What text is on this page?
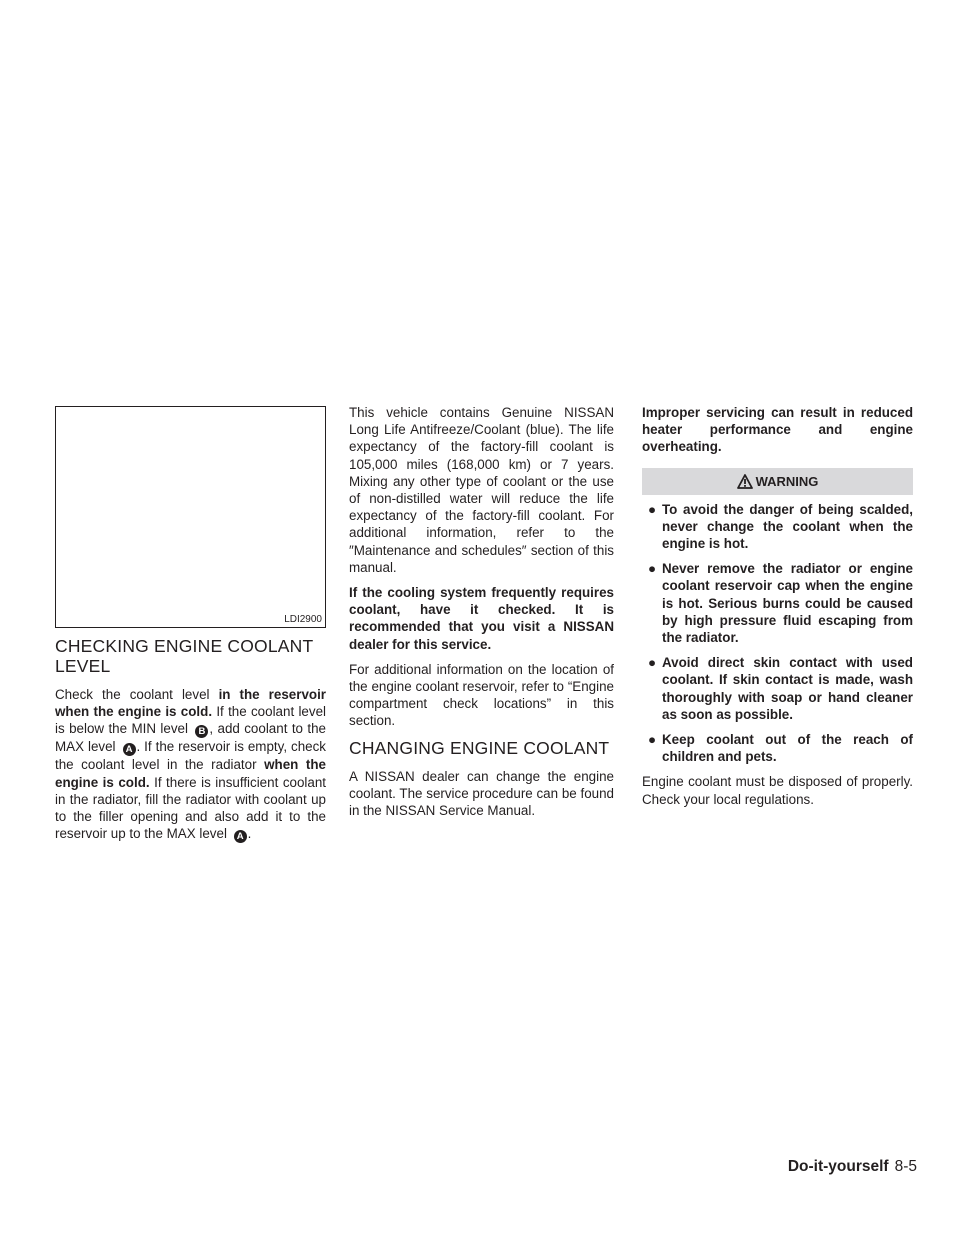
LDI2900
CHECKING ENGINE COOLANT LEVEL

Check the coolant level in the reservoir when the engine is cold. If the coolant level is below the MIN level B , add coolant to the MAX level A . If the reservoir is empty, check the coolant level in the radiator when the engine is cold. If there is insufficient coolant in the radiator, fill the radiator with coolant up to the filler opening and also add it to the reservoir up to the MAX level A .

This vehicle contains Genuine NISSAN Long Life Antifreeze/Coolant (blue). The life expectancy of the factory-fill coolant is 105,000 miles (168,000 km) or 7 years. Mixing any other type of coolant or the use of non-distilled water will reduce the life expectancy of the factory-fill coolant. For additional information, refer to the ″Maintenance and schedules″ section of this manual.

If the cooling system frequently requires coolant, have it checked. It is recommended that you visit a NISSAN dealer for this service.

For additional information on the location of the engine coolant reservoir, refer to “Engine compartment check locations” in this section.

CHANGING ENGINE COOLANT

A NISSAN dealer can change the engine coolant. The service procedure can be found in the NISSAN Service Manual.

Improper servicing can result in reduced heater performance and engine overheating.

WARNING
● To avoid the danger of being scalded, never change the coolant when the engine is hot.
● Never remove the radiator or engine coolant reservoir cap when the engine is hot. Serious burns could be caused by high pressure fluid escaping from the radiator.
● Avoid direct skin contact with used coolant. If skin contact is made, wash thoroughly with soap or hand cleaner as soon as possible.
● Keep coolant out of the reach of children and pets.

Engine coolant must be disposed of properly. Check your local regulations.

Do-it-yourself 8-5
